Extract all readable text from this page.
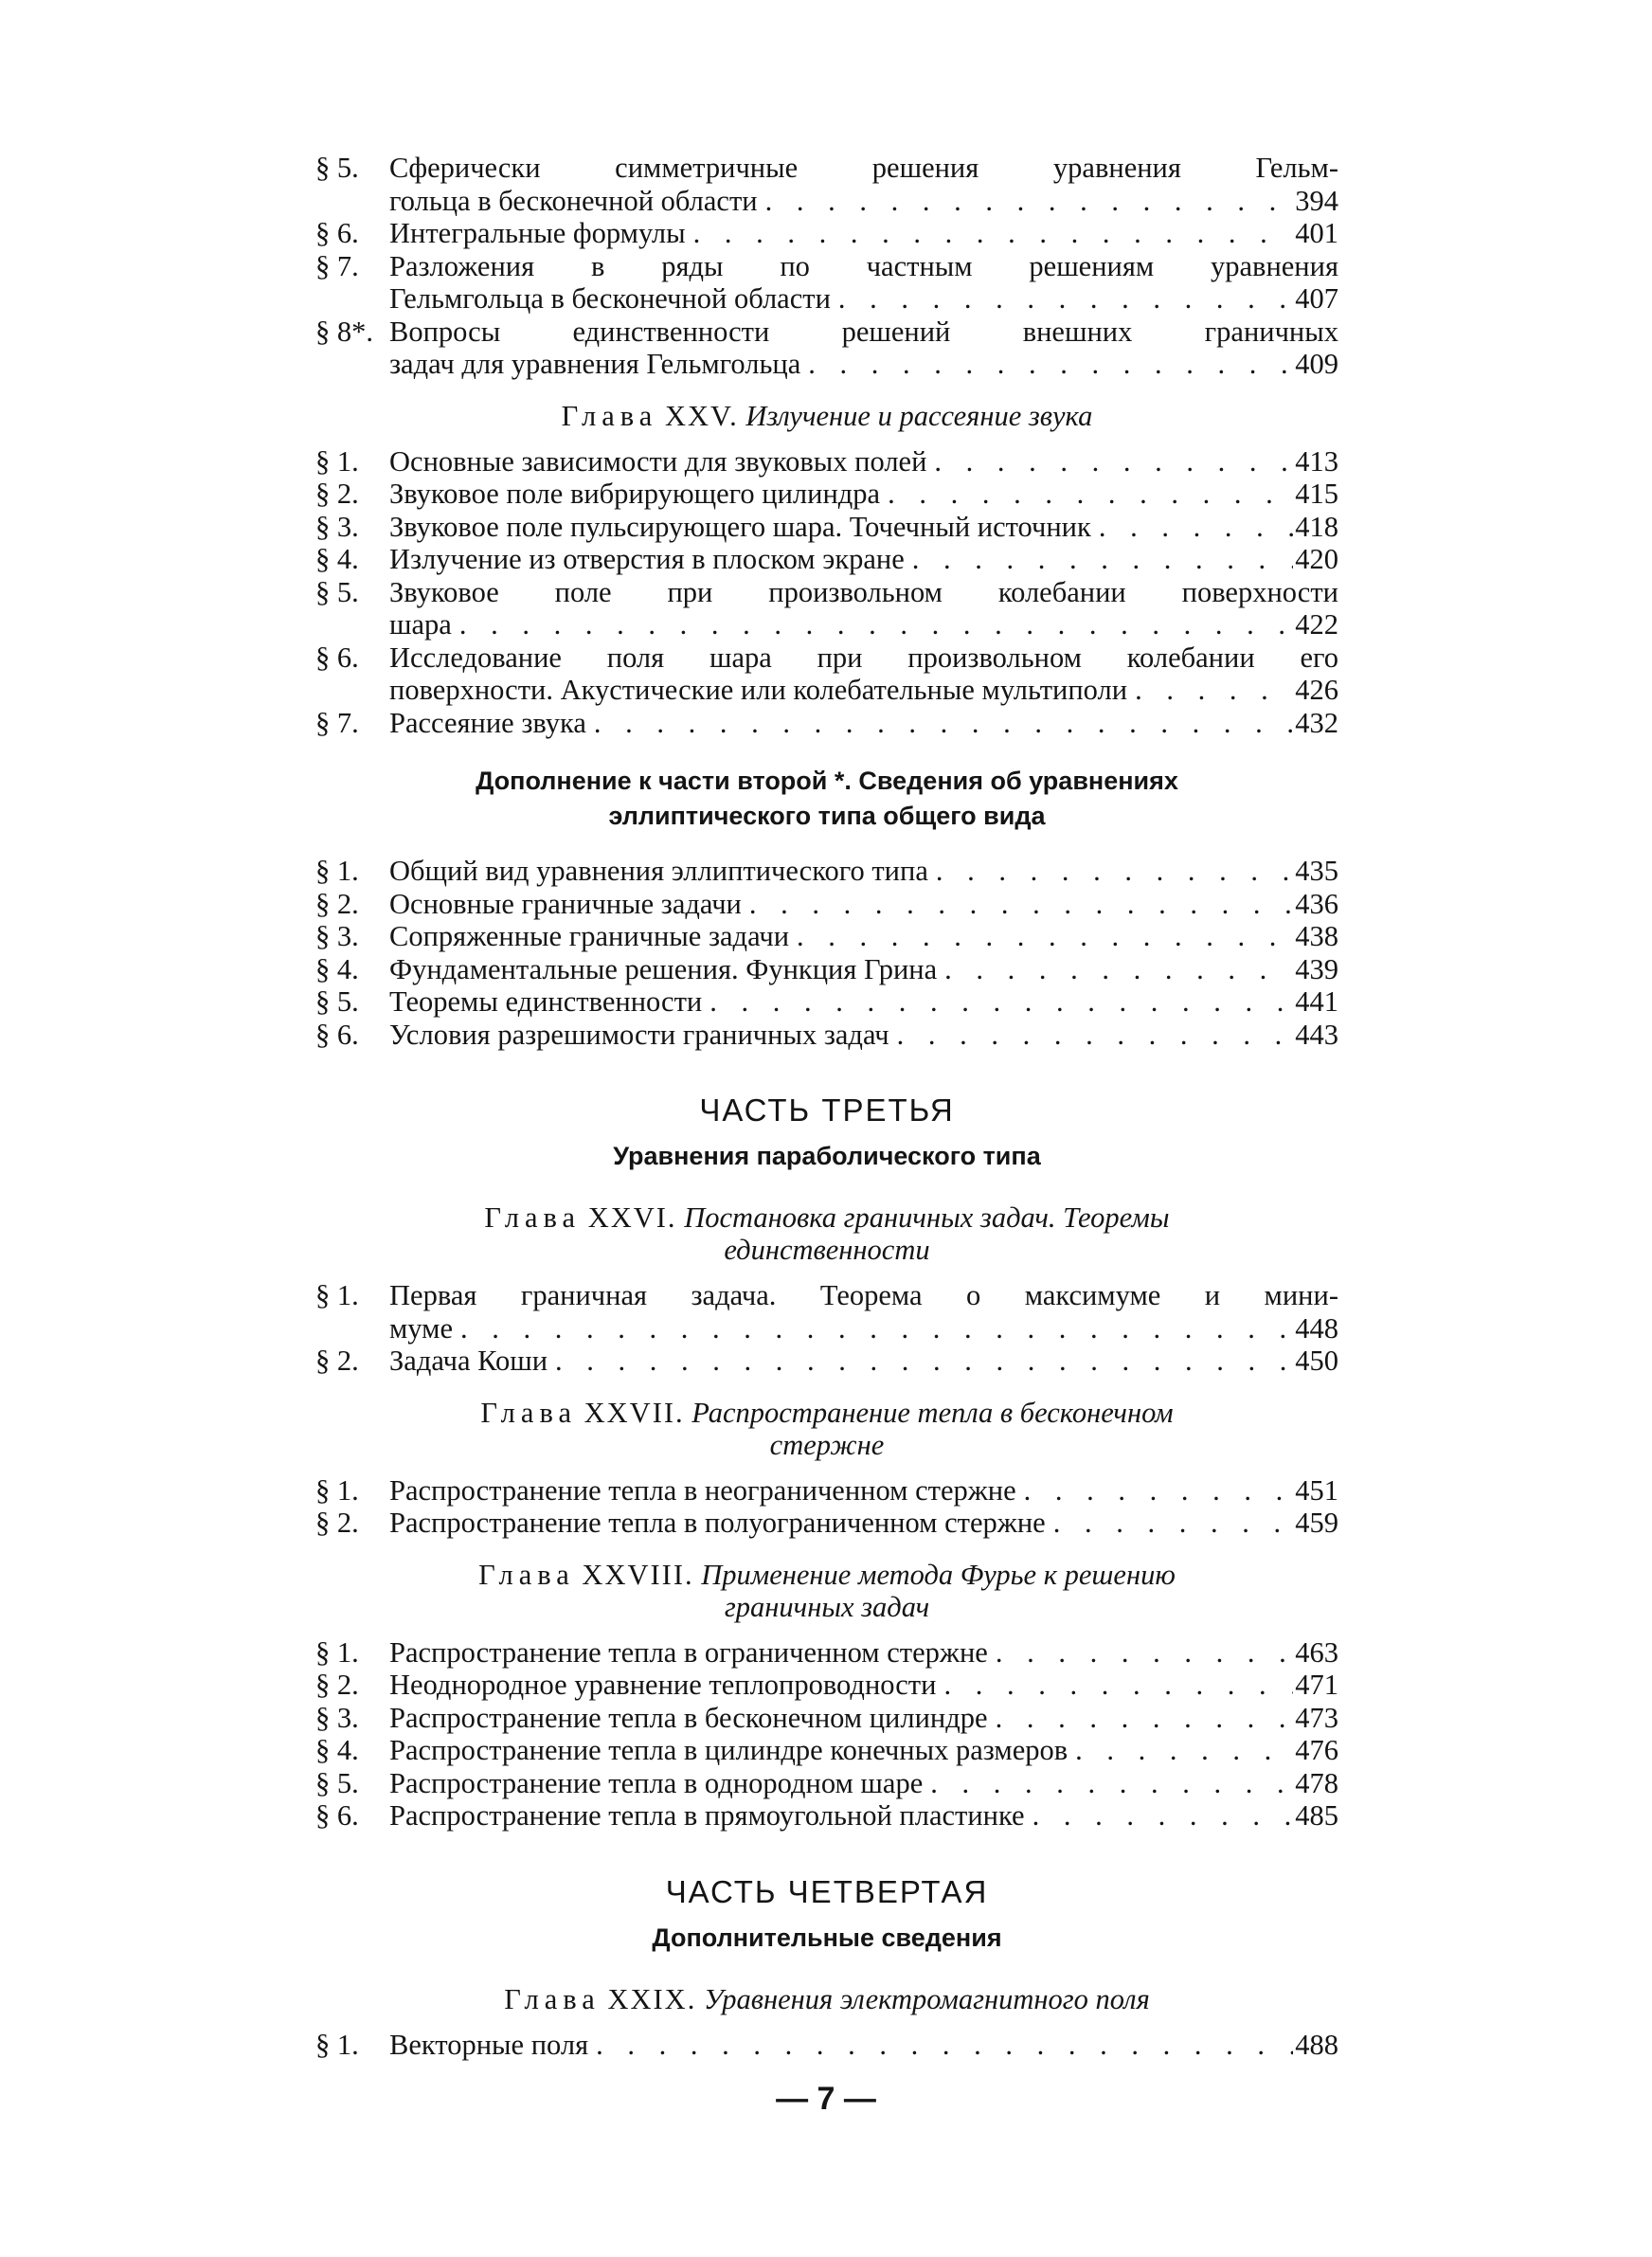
§ 5.	Сферически симметричные решения уравнения Гельм-
гольца в бесконечной области . . .	394
§ 6.	Интегральные формулы . . .	401
§ 7.	Разложения в ряды по частным решениям уравнения
Гельмгольца в бесконечной области . . .	407
§ 8*. Вопросы единственности решений внешних граничных
задач для уравнения Гельмгольца . . .	409
Глава XXV. Излучение и рассеяние звука
§ 1.	Основные зависимости для звуковых полей . . .	413
§ 2.	Звуковое поле вибрирующего цилиндра . . .	415
§ 3.	Звуковое поле пульсирующего шара. Точечный источник . . .	418
§ 4.	Излучение из отверстия в плоском экране . . .	420
§ 5.	Звуковое поле при произвольном колебании поверхности
шара . . .	422
§ 6.	Исследование поля шара при произвольном колебании его
поверхности. Акустические или колебательные мультиполи . . .	426
§ 7.	Рассеяние звука . . .	432
Дополнение к части второй *. Сведения об уравнениях
эллиптического типа общего вида
§ 1.	Общий вид уравнения эллиптического типа . . .	435
§ 2.	Основные граничные задачи . . .	436
§ 3.	Сопряженные граничные задачи . . .	438
§ 4.	Фундаментальные решения. Функция Грина . . .	439
§ 5.	Теоремы единственности . . .	441
§ 6.	Условия разрешимости граничных задач . . .	443
ЧАСТЬ ТРЕТЬЯ
Уравнения параболического типа
Глава XXVI. Постановка граничных задач. Теоремы
единственности
§ 1.	Первая граничная задача. Теорема о максимуме и мини-
муме . . .	448
§ 2.	Задача Коши . . .	450
Глава XXVII. Распространение тепла в бесконечном
стержне
§ 1.	Распространение тепла в неограниченном стержне . . .	451
§ 2.	Распространение тепла в полуограниченном стержне . . .	459
Глава XXVIII. Применение метода Фурье к решению
граничных задач
§ 1.	Распространение тепла в ограниченном стержне . . .	463
§ 2.	Неоднородное уравнение теплопроводности . . .	471
§ 3.	Распространение тепла в бесконечном цилиндре . . .	473
§ 4.	Распространение тепла в цилиндре конечных размеров . . .	476
§ 5.	Распространение тепла в однородном шаре . . .	478
§ 6.	Распространение тепла в прямоугольной пластинке . . .	485
ЧАСТЬ ЧЕТВЕРТАЯ
Дополнительные сведения
Глава XXIX. Уравнения электромагнитного поля
§ 1.	Векторные поля . . .	488
— 7 —
